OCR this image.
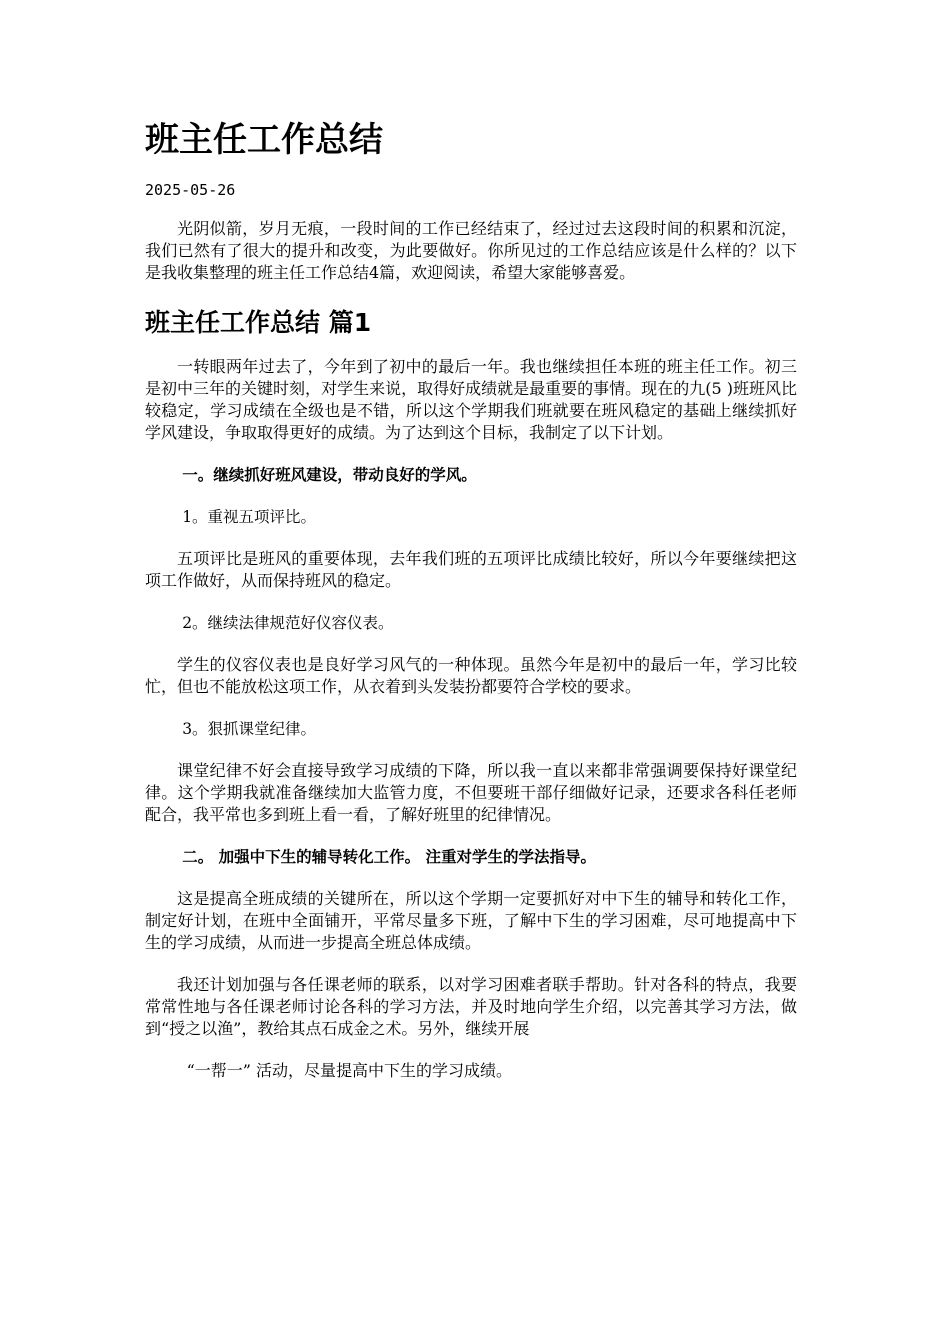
班主任工作总结
2025-05-26

光阴似箭，岁月无痕，一段时间的工作已经结束了，经过过去这段时间的积累和沉淀，我们已然有了很大的提升和改变，为此要做好。你所见过的工作总结应该是什么样的？以下是我收集整理的班主任工作总结4篇，欢迎阅读，希望大家能够喜爱。

班主任工作总结 篇1

一转眼两年过去了，今年到了初中的最后一年。我也继续担任本班的班主任工作。初三是初中三年的关键时刻，对学生来说，取得好成绩就是最重要的事情。现在的九(5 )班班风比较稳定，学习成绩在全级也是不错，所以这个学期我们班就要在班风稳定的基础上继续抓好学风建设，争取取得更好的成绩。为了达到这个目标，我制定了以下计划。

一。继续抓好班风建设，带动良好的学风。

1。重视五项评比。

五项评比是班风的重要体现，去年我们班的五项评比成绩比较好，所以今年要继续把这项工作做好，从而保持班风的稳定。

2。继续法律规范好仪容仪表。

学生的仪容仪表也是良好学习风气的一种体现。虽然今年是初中的最后一年，学习比较忙，但也不能放松这项工作，从衣着到头发装扮都要符合学校的要求。

3。狠抓课堂纪律。

课堂纪律不好会直接导致学习成绩的下降，所以我一直以来都非常强调要保持好课堂纪律。这个学期我就准备继续加大监管力度，不但要班干部仔细做好记录，还要求各科任老师配合，我平常也多到班上看一看，了解好班里的纪律情况。

二。 加强中下生的辅导转化工作。 注重对学生的学法指导。

这是提高全班成绩的关键所在，所以这个学期一定要抓好对中下生的辅导和转化工作，制定好计划，在班中全面铺开，平常尽量多下班，了解中下生的学习困难，尽可地提高中下生的学习成绩，从而进一步提高全班总体成绩。

我还计划加强与各任课老师的联系，以对学习困难者联手帮助。针对各科的特点，我要常常性地与各任课老师讨论各科的学习方法，并及时地向学生介绍，以完善其学习方法，做到“授之以渔”，教给其点石成金之术。另外，继续开展

“一帮一” 活动，尽量提高中下生的学习成绩。
